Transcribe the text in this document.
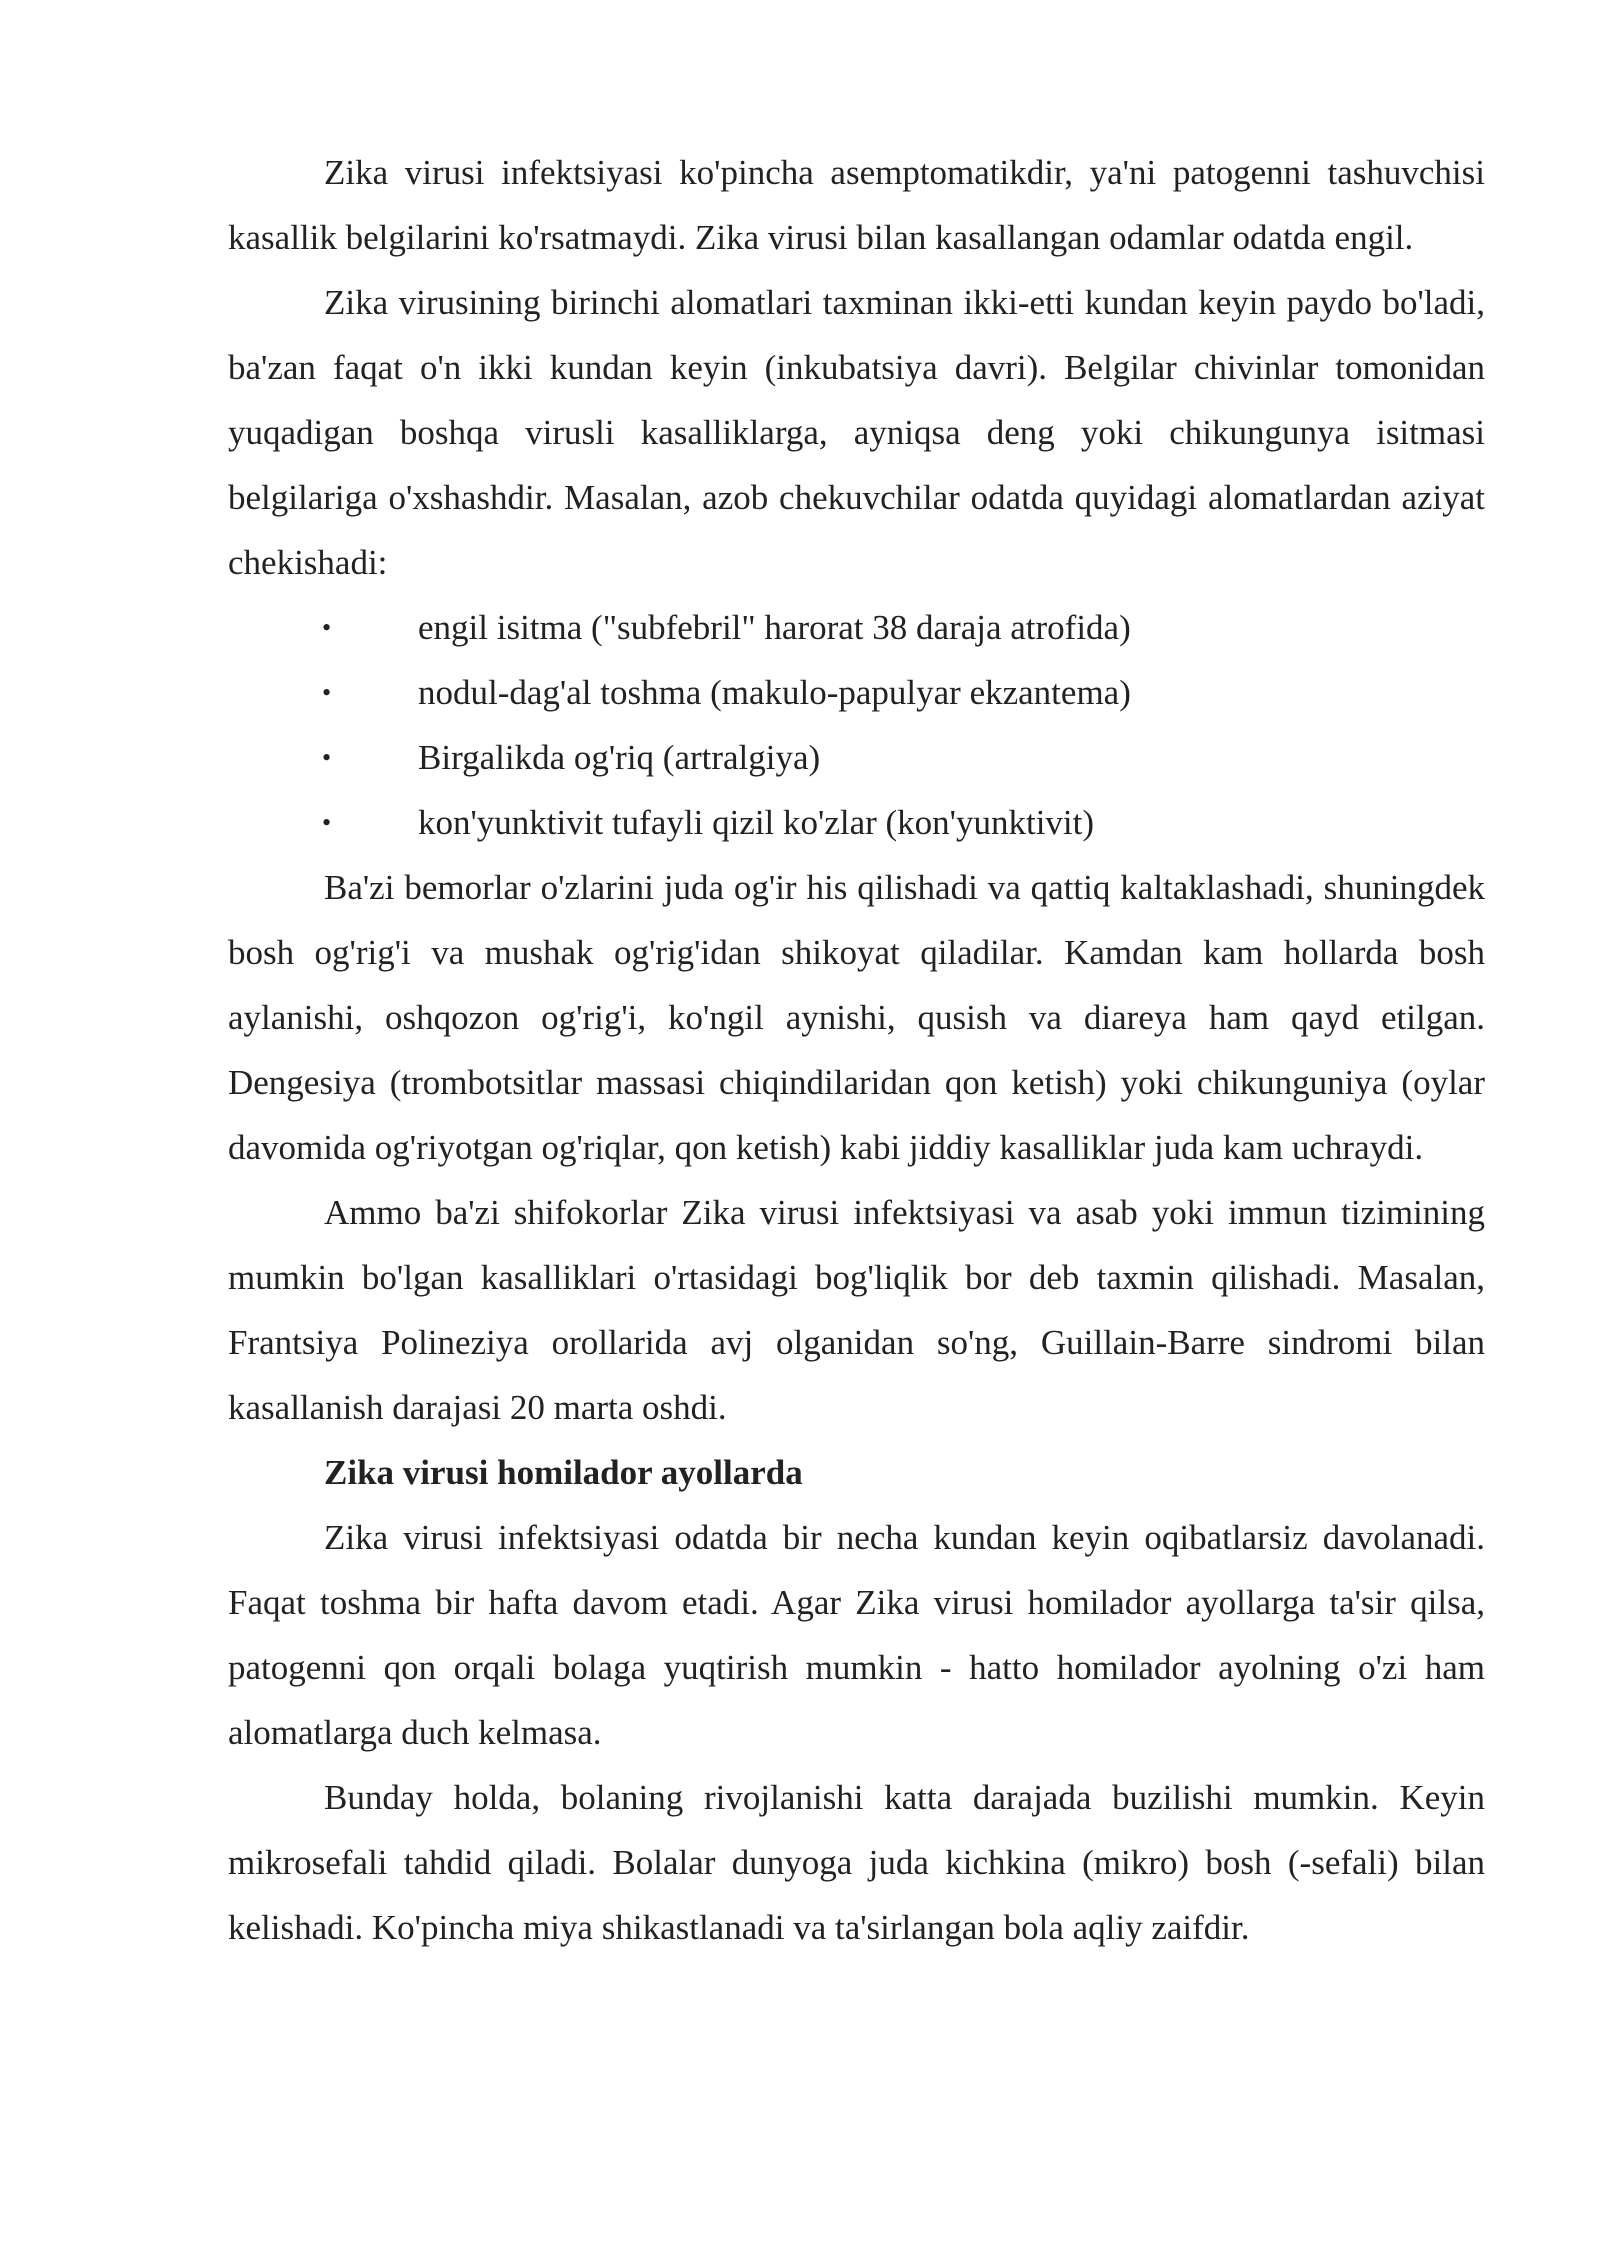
Zika virusi infektsiyasi ko'pincha asemptomatikdir, ya'ni patogenni tashuvchisi kasallik belgilarini ko'rsatmaydi. Zika virusi bilan kasallangan odamlar odatda engil.

Zika virusining birinchi alomatlari taxminan ikki-etti kundan keyin paydo bo'ladi, ba'zan faqat o'n ikki kundan keyin (inkubatsiya davri). Belgilar chivinlar tomonidan yuqadigan boshqa virusli kasalliklarga, ayniqsa deng yoki chikungunya isitmasi belgilariga o'xshashdir. Masalan, azob chekuvchilar odatda quyidagi alomatlardan aziyat chekishadi:

• engil isitma ("subfebril" harorat 38 daraja atrofida)
• nodul-dag'al toshma (makulo-papulyar ekzantema)
• Birgalikda og'riq (artralgiya)
• kon'yunktivit tufayli qizil ko'zlar (kon'yunktivit)

Ba'zi bemorlar o'zlarini juda og'ir his qilishadi va qattiq kaltaklashadi, shuningdek bosh og'rig'i va mushak og'rig'idan shikoyat qiladilar. Kamdan kam hollarda bosh aylanishi, oshqozon og'rig'i, ko'ngil aynishi, qusish va diareya ham qayd etilgan. Dengesiya (trombotsitlar massasi chiqindilaridan qon ketish) yoki chikunguniya (oylar davomida og'riyotgan og'riqlar, qon ketish) kabi jiddiy kasalliklar juda kam uchraydi.

Ammo ba'zi shifokorlar Zika virusi infektsiyasi va asab yoki immun tizimining mumkin bo'lgan kasalliklari o'rtasidagi bog'liqlik bor deb taxmin qilishadi. Masalan, Frantsiya Polineziya orollarida avj olganidan so'ng, Guillain-Barre sindromi bilan kasallanish darajasi 20 marta oshdi.

Zika virusi homilador ayollarda

Zika virusi infektsiyasi odatda bir necha kundan keyin oqibatlarsiz davolanadi. Faqat toshma bir hafta davom etadi. Agar Zika virusi homilador ayollarga ta'sir qilsa, patogenni qon orqali bolaga yuqtirish mumkin - hatto homilador ayolning o'zi ham alomatlarga duch kelmasa.

Bunday holda, bolaning rivojlanishi katta darajada buzilishi mumkin. Keyin mikrosefali tahdid qiladi. Bolalar dunyoga juda kichkina (mikro) bosh (-sefali) bilan kelishadi. Ko'pincha miya shikastlanadi va ta'sirlangan bola aqliy zaifdir.
